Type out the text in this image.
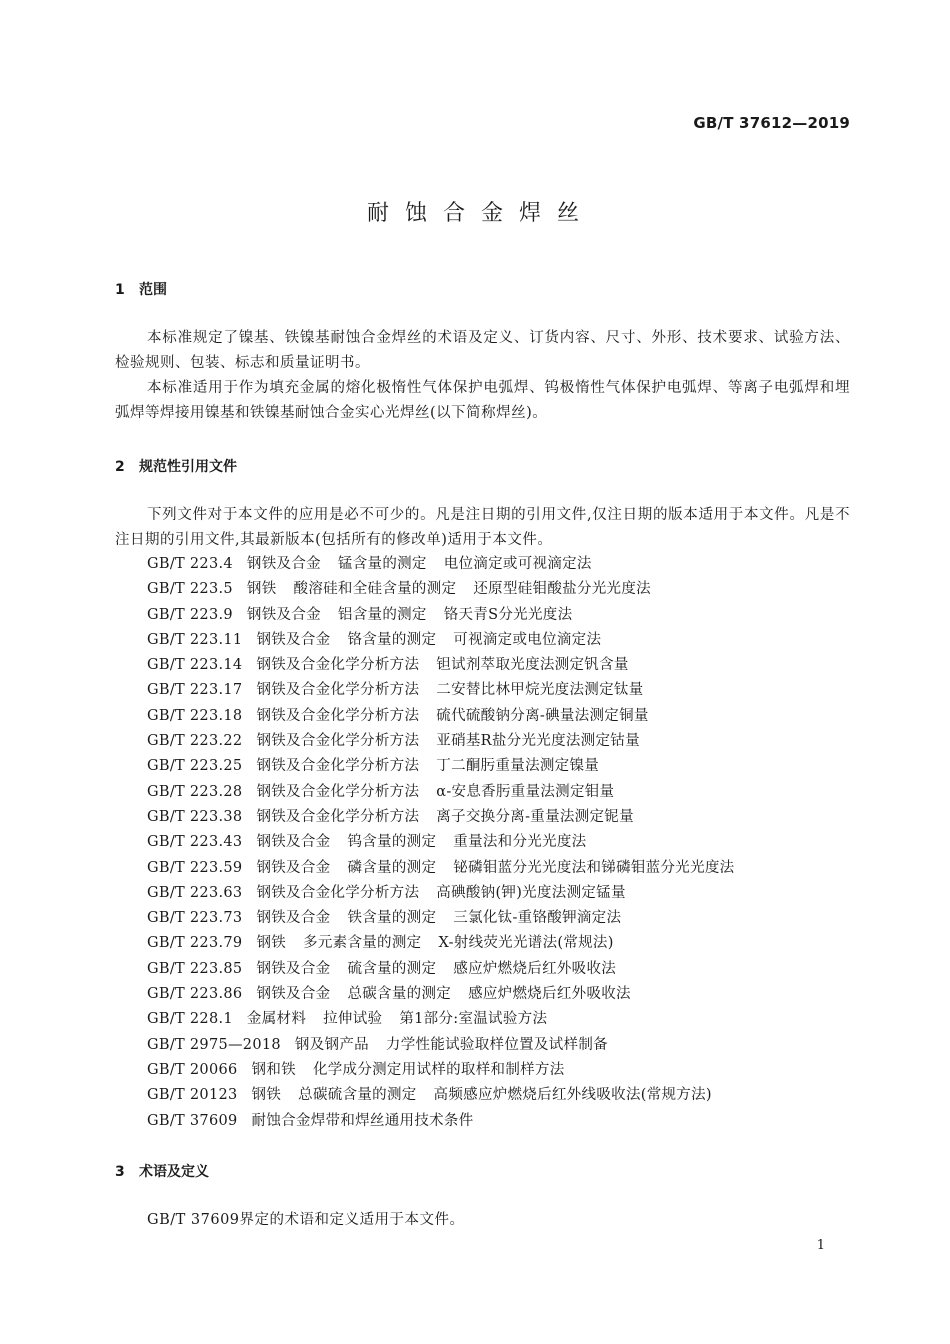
GB/T 37612—2019
耐蚀合金焊丝
1 范围
本标准规定了镍基、铁镍基耐蚀合金焊丝的术语及定义、订货内容、尺寸、外形、技术要求、试验方法、检验规则、包装、标志和质量证明书。
本标准适用于作为填充金属的熔化极惰性气体保护电弧焊、钨极惰性气体保护电弧焊、等离子电弧焊和埋弧焊等焊接用镍基和铁镍基耐蚀合金实心光焊丝(以下简称焊丝)。
2 规范性引用文件
下列文件对于本文件的应用是必不可少的。凡是注日期的引用文件,仅注日期的版本适用于本文件。凡是不注日期的引用文件,其最新版本(包括所有的修改单)适用于本文件。
GB/T 223.4 钢铁及合金 锰含量的测定 电位滴定或可视滴定法
GB/T 223.5 钢铁 酸溶硅和全硅含量的测定 还原型硅钼酸盐分光光度法
GB/T 223.9 钢铁及合金 铝含量的测定 铬天青S分光光度法
GB/T 223.11 钢铁及合金 铬含量的测定 可视滴定或电位滴定法
GB/T 223.14 钢铁及合金化学分析方法 钽试剂萃取光度法测定钒含量
GB/T 223.17 钢铁及合金化学分析方法 二安替比林甲烷光度法测定钛量
GB/T 223.18 钢铁及合金化学分析方法 硫代硫酸钠分离-碘量法测定铜量
GB/T 223.22 钢铁及合金化学分析方法 亚硝基R盐分光光度法测定钴量
GB/T 223.25 钢铁及合金化学分析方法 丁二酮肟重量法测定镍量
GB/T 223.28 钢铁及合金化学分析方法 α-安息香肟重量法测定钼量
GB/T 223.38 钢铁及合金化学分析方法 离子交换分离-重量法测定铌量
GB/T 223.43 钢铁及合金 钨含量的测定 重量法和分光光度法
GB/T 223.59 钢铁及合金 磷含量的测定 铋磷钼蓝分光光度法和锑磷钼蓝分光光度法
GB/T 223.63 钢铁及合金化学分析方法 高碘酸钠(钾)光度法测定锰量
GB/T 223.73 钢铁及合金 铁含量的测定 三氯化钛-重铬酸钾滴定法
GB/T 223.79 钢铁 多元素含量的测定 X-射线荧光光谱法(常规法)
GB/T 223.85 钢铁及合金 硫含量的测定 感应炉燃烧后红外吸收法
GB/T 223.86 钢铁及合金 总碳含量的测定 感应炉燃烧后红外吸收法
GB/T 228.1 金属材料 拉伸试验 第1部分:室温试验方法
GB/T 2975—2018 钢及钢产品 力学性能试验取样位置及试样制备
GB/T 20066 钢和铁 化学成分测定用试样的取样和制样方法
GB/T 20123 钢铁 总碳硫含量的测定 高频感应炉燃烧后红外线吸收法(常规方法)
GB/T 37609 耐蚀合金焊带和焊丝通用技术条件
3 术语及定义
GB/T 37609界定的术语和定义适用于本文件。
1
